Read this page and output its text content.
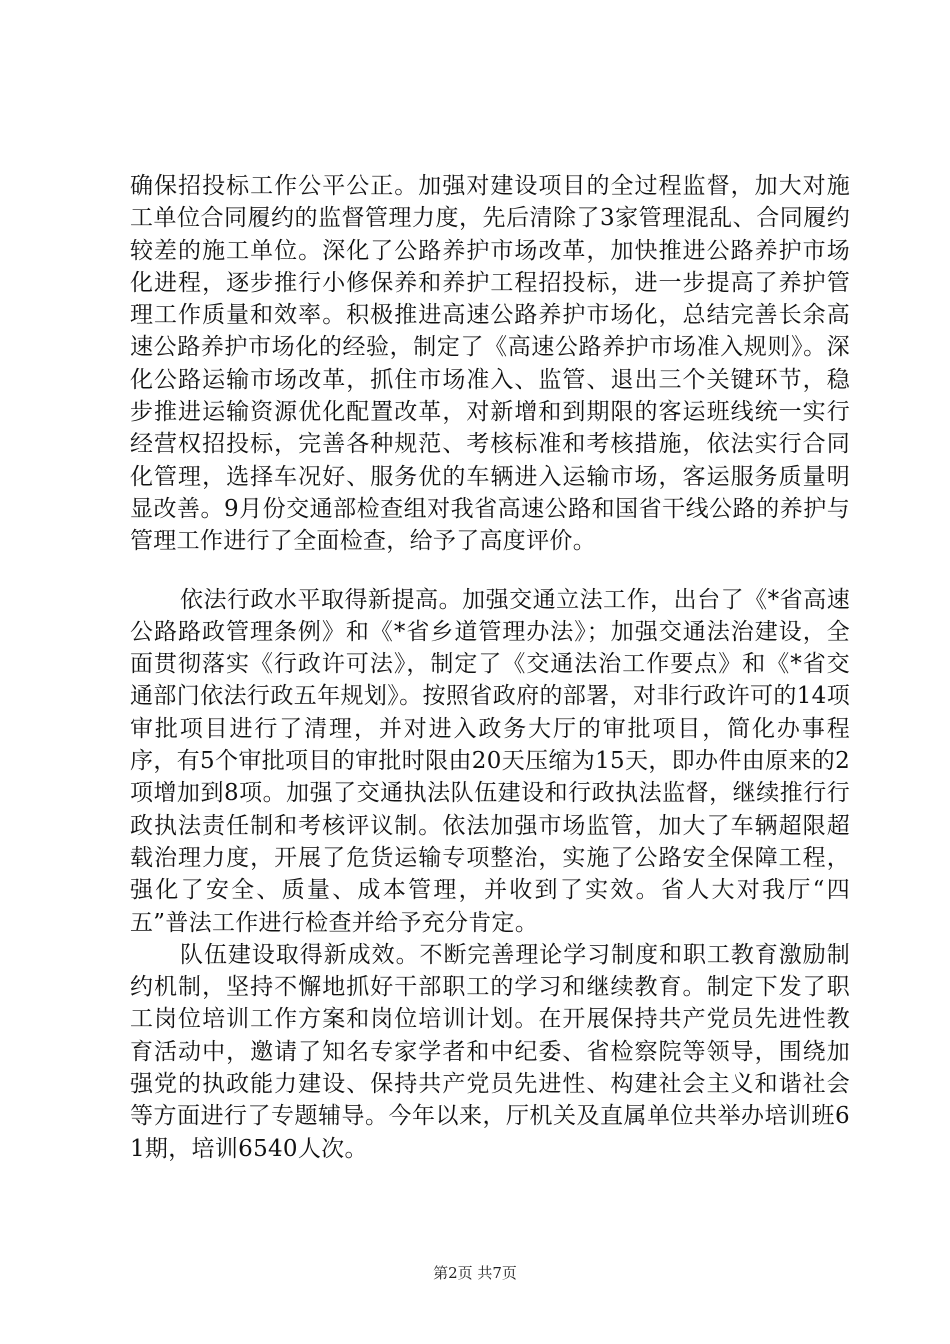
确保招投标工作公平公正。加强对建设项目的全过程监督，加大对施工单位合同履约的监督管理力度，先后清除了3家管理混乱、合同履约较差的施工单位。深化了公路养护市场改革，加快推进公路养护市场化进程，逐步推行小修保养和养护工程招投标，进一步提高了养护管理工作质量和效率。积极推进高速公路养护市场化，总结完善长余高速公路养护市场化的经验，制定了《高速公路养护市场准入规则》。深化公路运输市场改革，抓住市场准入、监管、退出三个关键环节，稳步推进运输资源优化配置改革，对新增和到期限的客运班线统一实行经营权招投标，完善各种规范、考核标准和考核措施，依法实行合同化管理，选择车况好、服务优的车辆进入运输市场，客运服务质量明显改善。9月份交通部检查组对我省高速公路和国省干线公路的养护与管理工作进行了全面检查，给予了高度评价。

依法行政水平取得新提高。加强交通立法工作，出台了《*省高速公路路政管理条例》和《*省乡道管理办法》；加强交通法治建设，全面贯彻落实《行政许可法》，制定了《交通法治工作要点》和《*省交通部门依法行政五年规划》。按照省政府的部署，对非行政许可的14项审批项目进行了清理，并对进入政务大厅的审批项目，简化办事程序，有5个审批项目的审批时限由20天压缩为15天，即办件由原来的2项增加到8项。加强了交通执法队伍建设和行政执法监督，继续推行行政执法责任制和考核评议制。依法加强市场监管，加大了车辆超限超载治理力度，开展了危货运输专项整治，实施了公路安全保障工程，强化了安全、质量、成本管理，并收到了实效。省人大对我厅“四五”普法工作进行检查并给予充分肯定。

队伍建设取得新成效。不断完善理论学习制度和职工教育激励制约机制，坚持不懈地抓好干部职工的学习和继续教育。制定下发了职工岗位培训工作方案和岗位培训计划。在开展保持共产党员先进性教育活动中，邀请了知名专家学者和中纪委、省检察院等领导，围绕加强党的执政能力建设、保持共产党员先进性、构建社会主义和谐社会等方面进行了专题辅导。今年以来，厅机关及直属单位共举办培训班61期，培训6540人次。

第2页 共7页
